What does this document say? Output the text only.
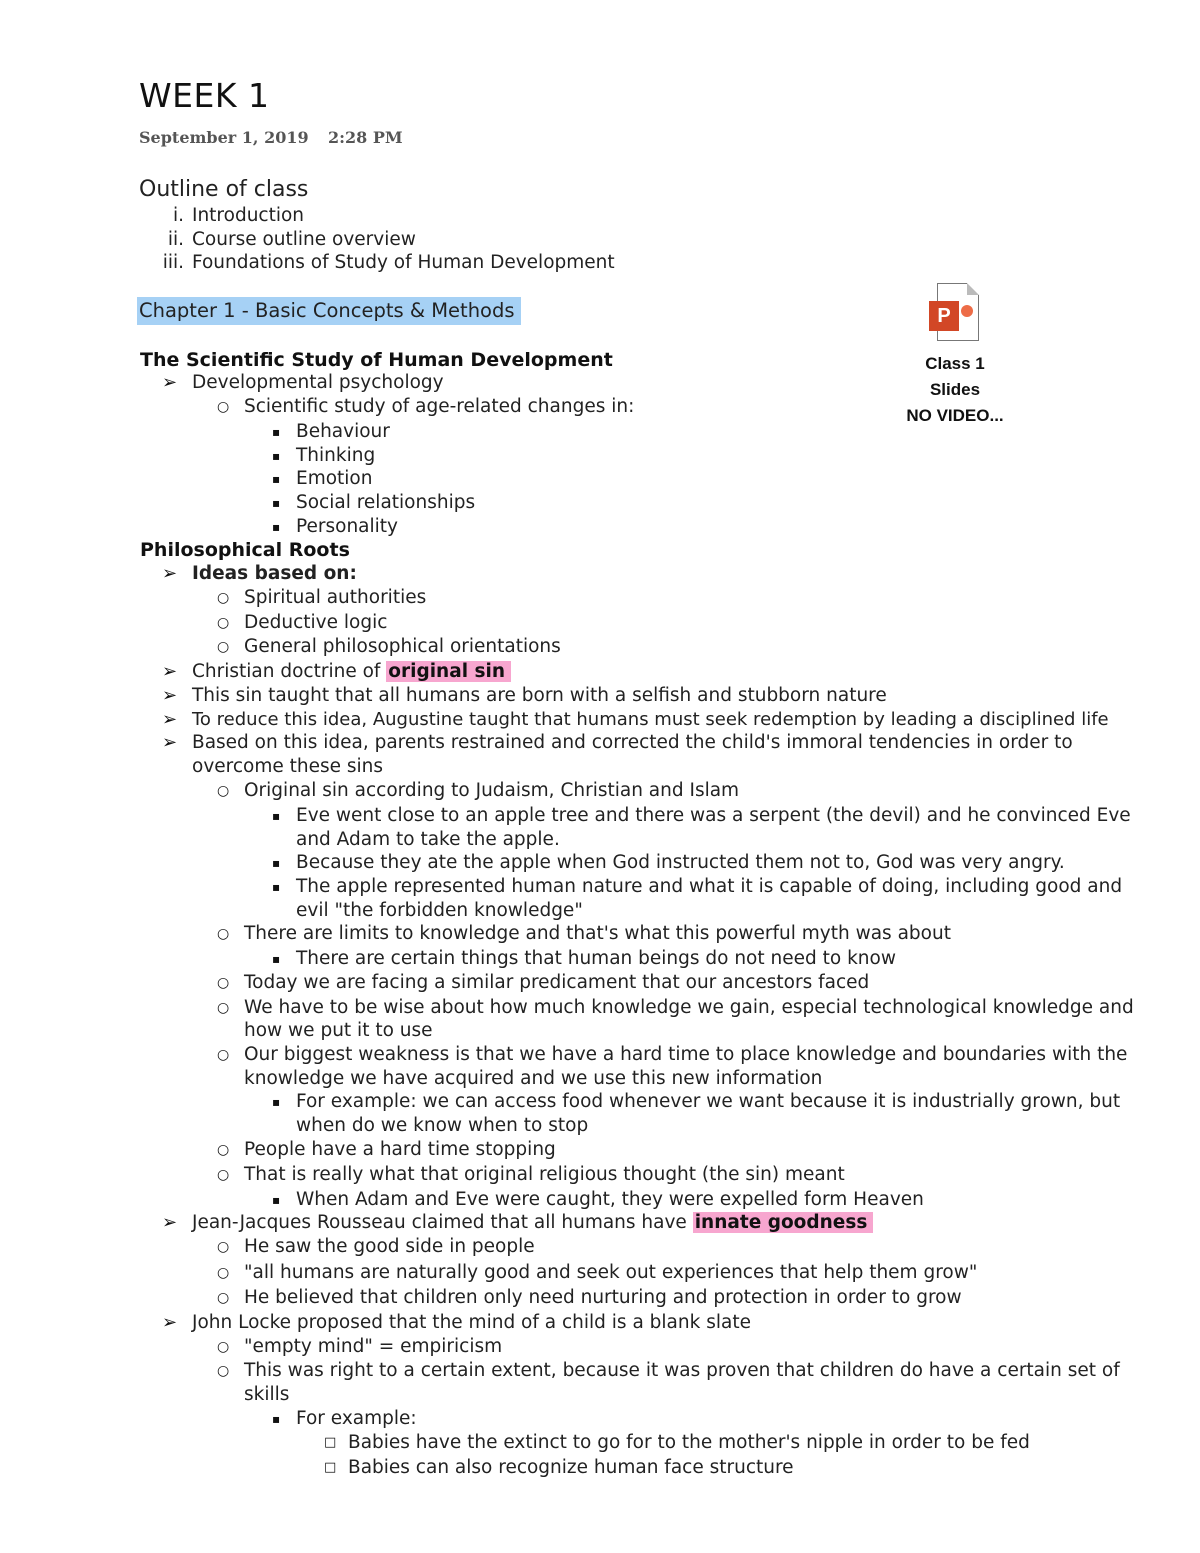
WEEK 1
September 1, 2019 2:28 PM
Outline of class
i. Introduction
ii. Course outline overview
iii. Foundations of Study of Human Development
Chapter 1 - Basic Concepts & Methods	P
Class 1 Slides
NO VIDEO...
The Scientific Study of Human Development
➢ Developmental psychology
○ Scientific study of age-related changes in:
▪ Behaviour
▪ Thinking
▪ Emotion
▪ Social relationships
▪ Personality
Philosophical Roots
➢ Ideas based on:
○ Spiritual authorities
○ Deductive logic
○ General philosophical orientations
➢ Christian doctrine of original sin
➢ This sin taught that all humans are born with a selfish and stubborn nature
➢ To reduce this idea, Augustine taught that humans must seek redemption by leading a disciplined life
➢ Based on this idea, parents restrained and corrected the child's immoral tendencies in order to
overcome these sins
○ Original sin according to Judaism, Christian and Islam
▪ Eve went close to an apple tree and there was a serpent (the devil) and he convinced Eve
and Adam to take the apple.
▪ Because they ate the apple when God instructed them not to, God was very angry.
▪ The apple represented human nature and what it is capable of doing, including good and
evil "the forbidden knowledge"
○ There are limits to knowledge and that's what this powerful myth was about
▪ There are certain things that human beings do not need to know
○ Today we are facing a similar predicament that our ancestors faced
○ We have to be wise about how much knowledge we gain, especial technological knowledge and
how we put it to use
○ Our biggest weakness is that we have a hard time to place knowledge and boundaries with the
knowledge we have acquired and we use this new information
▪ For example: we can access food whenever we want because it is industrially grown, but
when do we know when to stop
○ People have a hard time stopping
○ That is really what that original religious thought (the sin) meant
▪ When Adam and Eve were caught, they were expelled form Heaven
➢ Jean-Jacques Rousseau claimed that all humans have innate goodness
○ He saw the good side in people
○ "all humans are naturally good and seek out experiences that help them grow"
○ He believed that children only need nurturing and protection in order to grow
➢ John Locke proposed that the mind of a child is a blank slate
○ "empty mind" = empiricism
○ This was right to a certain extent, because it was proven that children do have a certain set of
skills
▪ For example:
□ Babies have the extinct to go for to the mother's nipple in order to be fed
□ Babies can also recognize human face structure
